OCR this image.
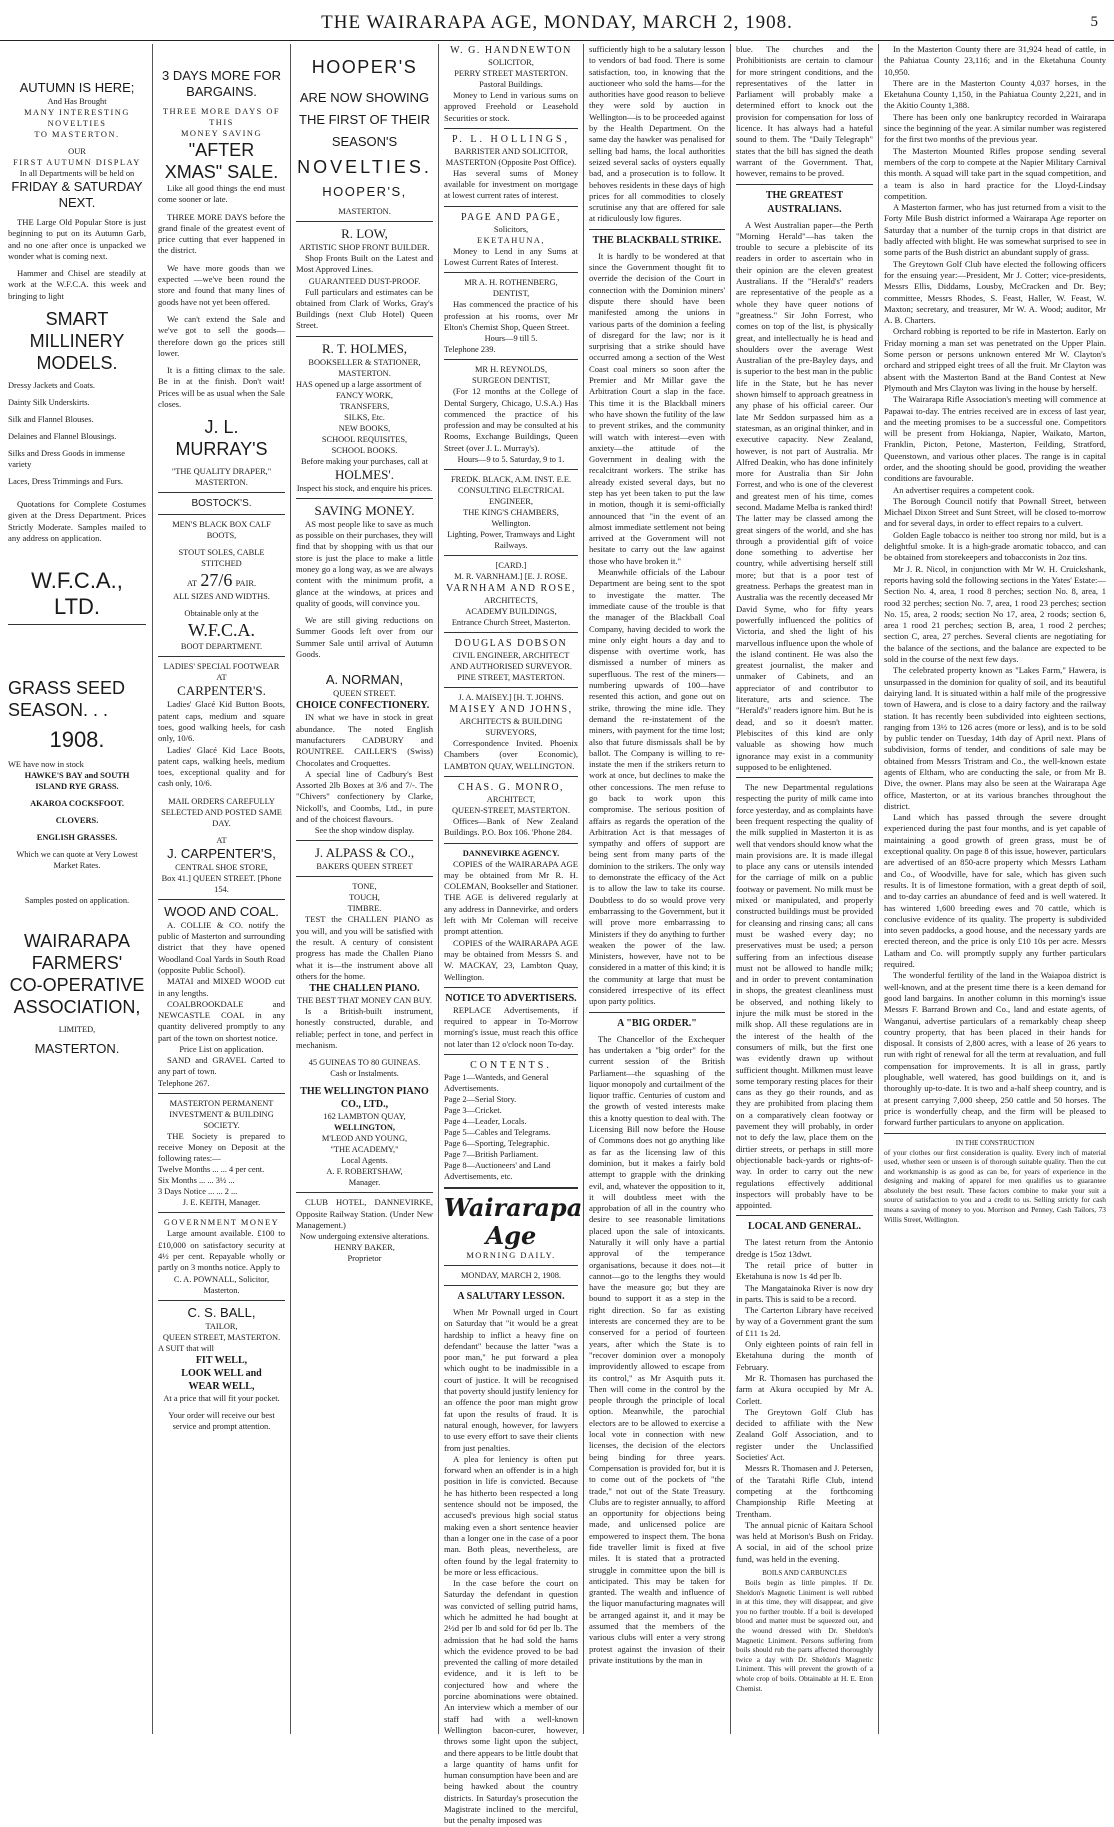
THE WAIRARAPA AGE, MONDAY, MARCH 2, 1908.	5
AUTUMN IS HERE;
And Has Brought
MANY INTERESTING NOVELTIES
TO MASTERTON.
OUR
FIRST AUTUMN DISPLAY
In all Departments will be held on
FRIDAY & SATURDAY
NEXT.

THE Large Old Popular Store is just beginning to put on its Autumn Garb, and no one after once is unpacked we wonder what is coming next.

Hammer and Chisel are steadily at work at the W.F.C.A. this week and bringing to light

SMART MILLINERY
MODELS.
Dressy Jackets and Coats.
Dainty Silk Underskirts.
Silk and Flannel Blouses.
Delaines and Flannel Blousings.
Silks and Dress Goods in immense variety
Laces, Dress Trimmings and Furs.

Quotations for Complete Costumes given at the Dress Department. Prices Strictly Moderate. Samples mailed to any address on application.

W.F.C.A., LTD.
GRASS SEED
SEASON. . .
1908.
WE have now in stock
HAWKE'S BAY and SOUTH ISLAND RYE GRASS.
AKAROA COCKSFOOT.
CLOVERS.
ENGLISH GRASSES.
Which we can quote at Very Lowest Market Rates.
Samples posted on application.
WAIRARAPA
FARMERS'
CO-OPERATIVE
ASSOCIATION,
LIMITED,
MASTERTON.
3 DAYS MORE FOR
BARGAINS.
THREE MORE DAYS OF THIS
MONEY SAVING
"AFTER XMAS" SALE.

Like all good things the end must come sooner or late.

THREE MORE DAYS before the grand finale of the greatest event of price cutting that ever happened in the district.

We have more goods than we expected —we've been round the store and found that many lines of goods have not yet been offered.

We can't extend the Sale and we've got to sell the goods—therefore down go the prices still lower.

It is a fitting climax to the sale. Be in at the finish. Don't wait! Prices will be as usual when the Sale closes.

J. L. MURRAY'S
"THE QUALITY DRAPER,"
MASTERTON.
BOSTOCK'S.
MEN'S BLACK BOX CALF BOOTS,
STOUT SOLES, CABLE STITCHED
AT 27/6 PAIR.
ALL SIZES AND WIDTHS.
Obtainable only at the
W.F.C.A.
BOOT DEPARTMENT.
LADIES' SPECIAL FOOTWEAR AT
CARPENTER'S.

Ladies' Glacé Kid Button Boots, patent caps, medium and square toes, good walking heels, for cash only, 10/6.

Ladies' Glacé Kid Lace Boots, patent caps, walking heels, medium toes, exceptional quality and for cash only, 10/6.

MAIL ORDERS CAREFULLY SELECTED AND POSTED SAME DAY.
AT
J. CARPENTER'S,
CENTRAL SHOE STORE,
Box 41.] QUEEN STREET. [Phone 154.
WOOD AND COAL.

A. COLLIE & CO. notify the public of Masterton and surrounding district that they have opened Woodland Coal Yards in South Road (opposite Public School).

MATAI and MIXED WOOD cut in any lengths.

COALBROOKDALE and NEWCASTLE COAL in any quantity delivered promptly to any part of the town on shortest notice.

Price List on application.

SAND and GRAVEL Carted to any part of town.

Telephone 267.
MASTERTON PERMANENT INVESTMENT & BUILDING SOCIETY.

THE Society is prepared to receive Money on Deposit at the following rates:—

Twelve Months ... ... 4 per cent.
Six Months ... ... 3½ ...
3 Days Notice ... ... 2 ...
J. E. KEITH, Manager.
GOVERNMENT MONEY

Large amount available. £100 to £10,000 on satisfactory security at 4½ per cent. Repayable wholly or partly on 3 months notice. Apply to

C. A. POWNALL, Solicitor, Masterton.
C. S. BALL,
TAILOR,
QUEEN STREET, MASTERTON.
A SUIT that will
FIT WELL,
LOOK WELL and
WEAR WELL,
At a price that will fit your pocket.
Your order will receive our best service and prompt attention.
HOOPER'S
ARE NOW SHOWING
THE FIRST OF THEIR
SEASON'S
NOVELTIES.
HOOPER'S,
MASTERTON.
R. LOW,
ARTISTIC SHOP FRONT BUILDER.

Shop Fronts Built on the Latest and Most Approved Lines.

GUARANTEED DUST-PROOF.

Full particulars and estimates can be obtained from Clark of Works, Gray's Buildings (next Club Hotel) Queen Street.

R. T. HOLMES,
BOOKSELLER & STATIONER,
MASTERTON.
HAS opened up a large assortment of
FANCY WORK,
TRANSFERS,
SILKS, Etc.
NEW BOOKS,
SCHOOL REQUISITES,
SCHOOL BOOKS.
Before making your purchases, call at
HOLMES'.
Inspect his stock, and enquire his prices.
SAVING MONEY.

AS most people like to save as much as possible on their purchases, they will find that by shopping with us that our store is just the place to make a little money go a long way, as we are always content with the minimum profit, a glance at the windows, at prices and quality of goods, will convince you.

We are still giving reductions on Summer Goods left over from our Summer Sale until arrival of Autumn Goods.

A. NORMAN,
QUEEN STREET.
CHOICE CONFECTIONERY.

IN what we have in stock in great abundance. The noted English manufacturers CADBURY and ROUNTREE. CAILLER'S (Swiss) Chocolates and Croquettes.

A special line of Cadbury's Best Assorted 2lb Boxes at 3/6 and 7/-. The "Chivers" confectionery by Clarke, Nickoll's, and Coombs, Ltd., in pure and of the choicest flavours.

See the shop window display.
J. ALPASS & CO.,
BAKERS QUEEN STREET
TONE,
TOUCH,
TIMBRE.

TEST the CHALLEN PIANO as you will, and you will be satisfied with the result. A century of consistent progress has made the Challen Piano what it is—the instrument above all others for the home.

THE CHALLEN PIANO.
THE BEST THAT MONEY CAN BUY.

Is a British-built instrument, honestly constructed, durable, and reliable; perfect in tone, and perfect in mechanism.

45 GUINEAS TO 80 GUINEAS.
Cash or Instalments.
THE WELLINGTON PIANO CO., LTD.,
162 LAMBTON QUAY,
WELLINGTON,
M'LEOD AND YOUNG,
"THE ACADEMY,"
Local Agents.
A. F. ROBERTSHAW,
Manager.

CLUB HOTEL, DANNEVIRKE, Opposite Railway Station. (Under New Management.)

Now undergoing extensive alterations.
HENRY BAKER,
Proprietor
W. G. HANDNEWTON
SOLICITOR,
PERRY STREET MASTERTON.
Pastoral Buildings.

Money to Lend in various sums on approved Freehold or Leasehold Securities or stock.

P. L. HOLLINGS,
BARRISTER AND SOLICITOR,
MASTERTON (Opposite Post Office).

Has several sums of Money available for investment on mortgage at lowest current rates of interest.

PAGE AND PAGE,
Solicitors,
EKETAHUNA,

Money to Lend in any Sums at Lowest Current Rates of Interest.

MR A. H. ROTHENBERG,
DENTIST,

Has commenced the practice of his profession at his rooms, over Mr Elton's Chemist Shop, Queen Street.

Hours—9 till 5.
Telephone 239.
MR H. REYNOLDS,
SURGEON DENTIST,

(For 12 months at the College of Dental Surgery, Chicago, U.S.A.) Has commenced the practice of his profession and may be consulted at his Rooms, Exchange Buildings, Queen Street (over J. L. Murray's).

Hours—9 to 5. Saturday, 9 to 1.
FREDK. BLACK, A.M. INST. E.E.
CONSULTING ELECTRICAL ENGINEER,
THE KING'S CHAMBERS,
Wellington.
Lighting, Power, Tramways and Light Railways.
[CARD.]
M. R. VARNHAM.] [E. J. ROSE.
VARNHAM AND ROSE,
ARCHITECTS,
ACADEMY BUILDINGS,
Entrance Church Street, Masterton.
DOUGLAS DOBSON
CIVIL ENGINEER, ARCHITECT AND AUTHORISED SURVEYOR.
PINE STREET, MASTERTON.
J. A. MAISEY.] [H. T. JOHNS.
MAISEY AND JOHNS,
ARCHITECTS & BUILDING SURVEYORS,

Correspondence Invited. Phoenix Chambers (over Economic), LAMBTON QUAY, WELLINGTON.

CHAS. G. MONRO,
ARCHITECT,
QUEEN-STREET, MASTERTON.

Offices—Bank of New Zealand Buildings. P.O. Box 106. 'Phone 284.

DANNEVIRKE AGENCY.

COPIES of the WAIRARAPA AGE may be obtained from Mr R. H. COLEMAN, Bookseller and Stationer. THE AGE is delivered regularly at any address in Dannevirke, and orders left with Mr Coleman will receive prompt attention.

COPIES of the WAIRARAPA AGE may be obtained from Messrs S. and W. MACKAY, 23, Lambton Quay, Wellington.

NOTICE TO ADVERTISERS.

REPLACE Advertisements, if required to appear in To-Morrow morning's issue, must reach this office not later than 12 o'clock noon To-day.

CONTENTS.
Page 1—Wanteds, and General Advertisements.
Page 2—Serial Story.
Page 3—Cricket.
Page 4—Leader, Locals.
Page 5—Cables and Telegrams.
Page 6—Sporting, Telegraphic.
Page 7—British Parliament.
Page 8—Auctioneers' and Land Advertisements, etc.
Wairarapa Age
MORNING DAILY.
MONDAY, MARCH 2, 1908.
A SALUTARY LESSON.

When Mr Pownall urged in Court on Saturday that "it would be a great hardship to inflict a heavy fine on defendant" because the latter "was a poor man," he put forward a plea which ought to be inadmissible in a court of justice. It will be recognised that poverty should justify leniency for an offence the poor man might grow fat upon the results of fraud. It is natural enough, however, for lawyers to use every effort to save their clients from just penalties.

A plea for leniency is often put forward when an offender is in a high position in life is convicted. Because he has hitherto been respected a long sentence should not be imposed, the accused's previous high social status making even a short sentence heavier than a longer one in the case of a poor man. Both pleas, nevertheless, are often found by the legal fraternity to be more or less efficacious.

In the case before the court on Saturday the defendant in question was convicted of selling putrid hams, which he admitted he had bought at 2½d per lb and sold for 6d per lb. The admission that he had sold the hams which the evidence proved to be bad prevented the calling of more detailed evidence, and it is left to be conjectured how and where the porcine abominations were obtained. An interview which a member of our staff had with a well-known Wellington bacon-curer, however, throws some light upon the subject, and there appears to be little doubt that a large quantity of hams unfit for human consumption have been and are being hawked about the country districts. In Saturday's prosecution the Magistrate inclined to the merciful, but the penalty imposed was

sufficiently high to be a salutary lesson to vendors of bad food. There is some satisfaction, too, in knowing that the auctioneer who sold the hams—for the authorities have good reason to believe they were sold by auction in Wellington—is to be proceeded against by the Health Department. On the same day the hawker was penalised for selling bad hams, the local authorities seized several sacks of oysters equally bad, and a prosecution is to follow. It behoves residents in these days of high prices for all commodities to closely scrutinise any that are offered for sale at ridiculously low figures.

THE BLACKBALL STRIKE.

It is hardly to be wondered at that since the Government thought fit to override the decision of the Court in connection with the Dominion miners' dispute there should have been manifested among the unions in various parts of the dominion a feeling of disregard for the law; nor is it surprising that a strike should have occurred among a section of the West Coast coal miners so soon after the Premier and Mr Millar gave the Arbitration Court a slap in the face. This time it is the Blackball miners who have shown the futility of the law to prevent strikes, and the community will watch with interest—even with anxiety—the attitude of the Government in dealing with the recalcitrant workers. The strike has already existed several days, but no step has yet been taken to put the law in motion, though it is semi-officially announced that "in the event of an almost immediate settlement not being arrived at the Government will not hesitate to carry out the law against those who have broken it."

Meanwhile officials of the Labour Department are being sent to the spot to investigate the matter. The immediate cause of the trouble is that the manager of the Blackball Coal Company, having decided to work the mine only eight hours a day and to dispense with overtime work, has dismissed a number of miners as superfluous. The rest of the miners—numbering upwards of 100—have resented this action, and gone out on strike, throwing the mine idle. They demand the re-instatement of the miners, with payment for the time lost; also that future dismissals shall be by ballot. The Company is willing to re-instate the men if the strikers return to work at once, but declines to make the other concessions. The men refuse to go back to work upon this compromise. The serious position of affairs as regards the operation of the Arbitration Act is that messages of sympathy and offers of support are being sent from many parts of the dominion to the strikers. The only way to demonstrate the efficacy of the Act is to allow the law to take its course. Doubtless to do so would prove very embarrassing to the Government, but it will prove more embarrassing to Ministers if they do anything to further weaken the power of the law. Ministers, however, have not to be considered in a matter of this kind; it is the community at large that must be considered irrespective of its effect upon party politics.

A "BIG ORDER."

The Chancellor of the Exchequer has undertaken a "big order" for the current session of the British Parliament—the squashing of the liquor monopoly and curtailment of the liquor traffic. Centuries of custom and the growth of vested interests make this a knotty question to deal with. The Licensing Bill now before the House of Commons does not go anything like as far as the licensing law of this dominion, but it makes a fairly bold attempt to grapple with the drinking evil, and, whatever the opposition to it, it will doubtless meet with the approbation of all in the country who desire to see reasonable limitations placed upon the sale of intoxicants. Naturally it will only have a partial approval of the temperance organisations, because it does not—it cannot—go to the lengths they would have the measure go; but they are bound to support it as a step in the right direction. So far as existing interests are concerned they are to be conserved for a period of fourteen years, after which the State is to "recover dominion over a monopoly improvidently allowed to escape from its control," as Mr Asquith puts it. Then will come in the control by the people through the principle of local option. Meanwhile, the parochial electors are to be allowed to exercise a local vote in connection with new licenses, the decision of the electors being binding for three years. Compensation is provided for, but it is to come out of the pockets of "the trade," not out of the State Treasury. Clubs are to register annually, to afford an opportunity for objections being made, and unlicensed police are empowered to inspect them. The bona fide traveller limit is fixed at five miles. It is stated that a protracted struggle in committee upon the bill is anticipated. This may be taken for granted. The wealth and influence of the liquor manufacturing magnates will be arranged against it, and it may be assumed that the members of the various clubs will enter a very strong protest against the invasion of their private institutions by the man in

blue. The churches and the Prohibitionists are certain to clamour for more stringent conditions, and the representatives of the latter in Parliament will probably make a determined effort to knock out the provision for compensation for loss of licence. It has always had a hateful sound to them. The "Daily Telegraph" states that the bill has signed the death warrant of the Government. That, however, remains to be proved.

THE GREATEST AUSTRALIANS.

A West Australian paper—the Perth "Morning Herald"—has taken the trouble to secure a plebiscite of its readers in order to ascertain who in their opinion are the eleven greatest Australians. If the "Herald's" readers are representative of the people as a whole they have queer notions of "greatness." Sir John Forrest, who comes on top of the list, is physically great, and intellectually he is head and shoulders over the average West Australian of the pre-Bayley days, and is superior to the best man in the public life in the State, but he has never shown himself to approach greatness in any phase of his official career. Our late Mr Seddon surpassed him as a statesman, as an original thinker, and in executive capacity. New Zealand, however, is not part of Australia. Mr Alfred Deakin, who has done infinitely more for Australia than Sir John Forrest, and who is one of the cleverest and greatest men of his time, comes second. Madame Melba is ranked third! The latter may be classed among the great singers of the world, and she has through a providential gift of voice done something to advertise her country, while advertising herself still more; but that is a poor test of greatness. Perhaps the greatest man in Australia was the recently deceased Mr David Syme, who for fifty years powerfully influenced the politics of Victoria, and shed the light of his marvellous influence upon the whole of the island continent. He was also the greatest journalist, the maker and unmaker of Cabinets, and an appreciator of and contributor to literature, arts and science. The "Herald's" readers ignore him. But he is dead, and so it doesn't matter. Plebiscites of this kind are only valuable as showing how much ignorance may exist in a community supposed to be enlightened.

The new Departmental regulations respecting the purity of milk came into force yesterday, and as complaints have been frequent respecting the quality of the milk supplied in Masterton it is as well that vendors should know what the main provisions are. It is made illegal to place any cans or utensils intended for the carriage of milk on a public footway or pavement. No milk must be mixed or manipulated, and properly constructed buildings must be provided for cleansing and rinsing cans; all cans must be washed every day; no preservatives must be used; a person suffering from an infectious disease must not be allowed to handle milk; and in order to prevent contamination in shops, the greatest cleanliness must be observed, and nothing likely to injure the milk must be stored in the milk shop. All these regulations are in the interest of the health of the consumers of milk, but the first one was evidently drawn up without sufficient thought. Milkmen must leave some temporary resting places for their cans as they go their rounds, and as they are prohibited from placing them on a comparatively clean footway or pavement they will probably, in order not to defy the law, place them on the dirtier streets, or perhaps in still more objectionable back-yards or rights-of-way. In order to carry out the new regulations effectively additional inspectors will probably have to be appointed.

LOCAL AND GENERAL.

The latest return from the Antonio dredge is 15oz 13dwt.

The retail price of butter in Eketahuna is now 1s 4d per lb.

The Mangatainoka River is now dry in parts. This is said to be a record.

The Carterton Library have received by way of a Government grant the sum of £11 1s 2d.

Only eighteen points of rain fell in Eketahuna during the month of February.

Mr R. Thomasen has purchased the farm at Akura occupied by Mr A. Corlett.

The Greytown Golf Club has decided to affiliate with the New Zealand Golf Association, and to register under the Unclassified Societies' Act.

Messrs R. Thomasen and J. Petersen, of the Taratahi Rifle Club, intend competing at the forthcoming Championship Rifle Meeting at Trentham.

The annual picnic of Kaitara School was held at Morison's Bush on Friday. A social, in aid of the school prize fund, was held in the evening.

BOILS AND CARBUNCLES

Boils begin as little pimples. If Dr. Sheldon's Magnetic Liniment is well rubbed in at this time, they will disappear, and give you no further trouble. If a boil is developed blood and matter must be squeezed out, and the wound dressed with Dr. Sheldon's Magnetic Liniment. Persons suffering from boils should rub the parts affected thoroughly twice a day with Dr. Sheldon's Magnetic Liniment. This will prevent the growth of a whole crop of boils. Obtainable at H. E. Eton Chemist.

In the Masterton County there are 31,924 head of cattle, in the Pahiatua County 23,116; and in the Eketahuna County 10,950.

There are in the Masterton County 4,037 horses, in the Eketahuna County 1,150, in the Pahiatua County 2,221, and in the Akitio County 1,388.

There has been only one bankruptcy recorded in Wairarapa since the beginning of the year. A similar number was registered for the first two months of the previous year.

The Masterton Mounted Rifles propose sending several members of the corp to compete at the Napier Military Carnival this month. A squad will take part in the squad competition, and a team is also in hard practice for the Lloyd-Lindsay competition.

A Masterton farmer, who has just returned from a visit to the Forty Mile Bush district informed a Wairarapa Age reporter on Saturday that a number of the turnip crops in that district are badly affected with blight. He was somewhat surprised to see in some parts of the Bush district an abundant supply of grass.

The Greytown Golf Club have elected the following officers for the ensuing year:—President, Mr J. Cotter; vice-presidents, Messrs Ellis, Diddams, Lousby, McCracken and Dr. Bey; committee, Messrs Rhodes, S. Feast, Haller, W. Feast, W. Maxton; secretary, and treasurer, Mr W. A. Wood; auditor, Mr A. B. Charters.

Orchard robbing is reported to be rife in Masterton. Early on Friday morning a man set was penetrated on the Upper Plain. Some person or persons unknown entered Mr W. Clayton's orchard and stripped eight trees of all the fruit. Mr Clayton was absent with the Masterton Band at the Band Contest at New Plymouth and Mrs Clayton was living in the house by herself.

The Wairarapa Rifle Association's meeting will commence at Papawai to-day. The entries received are in excess of last year, and the meeting promises to be a successful one. Competitors will be present from Hokianga, Napier, Waikato, Marton, Franklin, Picton, Petone, Masterton, Feilding, Stratford, Queenstown, and various other places. The range is in capital order, and the shooting should be good, providing the weather conditions are favourable.

An advertiser requires a competent cook.

The Borough Council notify that Pownall Street, between Michael Dixon Street and Sunt Street, will be closed to-morrow and for several days, in order to effect repairs to a culvert.

Golden Eagle tobacco is neither too strong nor mild, but is a delightful smoke. It is a high-grade aromatic tobacco, and can be obtained from storekeepers and tobacconists in 2oz tins.

Mr J. R. Nicol, in conjunction with Mr W. H. Cruickshank, reports having sold the following sections in the Yates' Estate:—Section No. 4, area, 1 rood 8 perches; section No. 8, area, 1 rood 32 perches; section No. 7, area, 1 rood 23 perches; section No. 15, area, 2 roods; section No 17, area, 2 roods; section 6, area 1 rood 21 perches; section B, area, 1 rood 2 perches; section C, area, 27 perches. Several clients are negotiating for the balance of the sections, and the balance are expected to be sold in the course of the next few days.

The celebrated property known as "Lakes Farm," Hawera, is unsurpassed in the dominion for quality of soil, and its beautiful dairying land. It is situated within a half mile of the progressive town of Hawera, and is close to a dairy factory and the railway station. It has recently been subdivided into eighteen sections, ranging from 13½ to 126 acres (more or less), and is to be sold by public tender on Tuesday, 14th day of April next. Plans of subdivision, forms of tender, and conditions of sale may be obtained from Messrs Tristram and Co., the well-known estate agents of Eltham, who are conducting the sale, or from Mr B. Dive, the owner. Plans may also be seen at the Wairarapa Age office, Masterton, or at its various branches throughout the district.

Land which has passed through the severe drought experienced during the past four months, and is yet capable of maintaining a good growth of green grass, must be of exceptional quality. On page 8 of this issue, however, particulars are advertised of an 850-acre property which Messrs Latham and Co., of Woodville, have for sale, which has given such results. It is of limestone formation, with a great depth of soil, and to-day carries an abundance of feed and is well watered. It has wintered 1,600 breeding ewes and 70 cattle, which is conclusive evidence of its quality. The property is subdivided into seven paddocks, a good house, and the necessary yards are erected thereon, and the price is only £10 10s per acre. Messrs Latham and Co. will promptly supply any further particulars required.

The wonderful fertility of the land in the Waiapoa district is well-known, and at the present time there is a keen demand for good land bargains. In another column in this morning's issue Messrs F. Barrand Brown and Co., land and estate agents, of Wanganui, advertise particulars of a remarkably cheap sheep country property, that has been placed in their hands for disposal. It consists of 2,800 acres, with a lease of 26 years to run with right of renewal for all the term at revaluation, and full compensation for improvements. It is all in grass, partly ploughable, well watered, has good buildings on it, and is thoroughly up-to-date. It is two and a-half sheep country, and is at present carrying 7,000 sheep, 250 cattle and 50 horses. The price is wonderfully cheap, and the firm will be pleased to forward further particulars to anyone on application.

IN THE CONSTRUCTION

of your clothes our first consideration is quality. Every inch of material used, whether seen or unseen is of thorough suitable quality. Then the cut and workmanship is as good as can be, for years of experience in the designing and making of apparel for men qualifies us to guarantee absolutely the best result. These factors combine to make your suit a source of satisfaction to you and a credit to us. Selling strictly for cash means a saving of money to you. Morrison and Penney, Cash Tailors, 73 Willis Street, Wellington.
